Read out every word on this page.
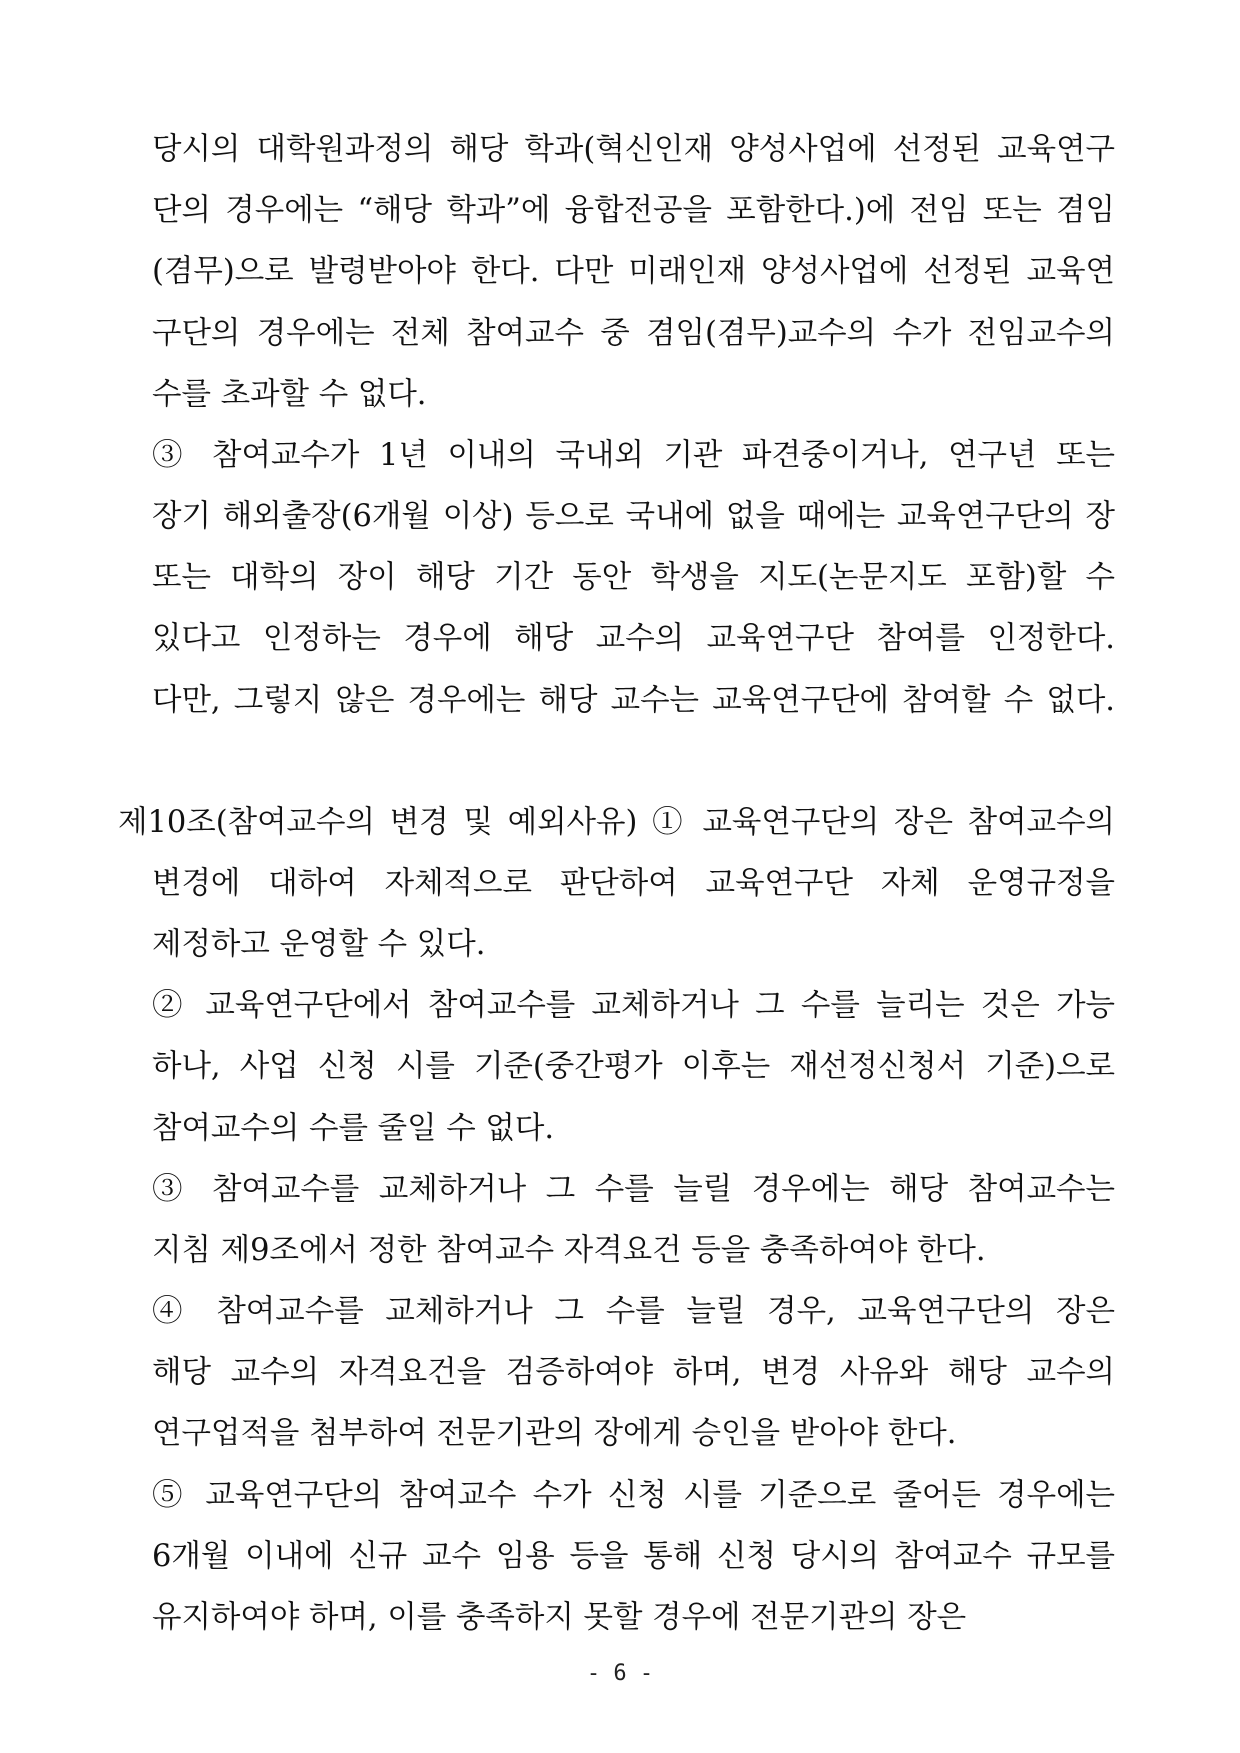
당시의 대학원과정의 해당 학과(혁신인재 양성사업에 선정된 교육연구
단의 경우에는 “해당 학과”에 융합전공을 포함한다.)에 전임 또는 겸임
(겸무)으로 발령받아야 한다. 다만 미래인재 양성사업에 선정된 교육연
구단의 경우에는 전체 참여교수 중 겸임(겸무)교수의 수가 전임교수의
수를 초과할 수 없다.
③ 참여교수가 1년 이내의 국내외 기관 파견중이거나, 연구년 또는
장기 해외출장(6개월 이상) 등으로 국내에 없을 때에는 교육연구단의 장
또는 대학의 장이 해당 기간 동안 학생을 지도(논문지도 포함)할 수
있다고 인정하는 경우에 해당 교수의 교육연구단 참여를 인정한다.
다만, 그렇지 않은 경우에는 해당 교수는 교육연구단에 참여할 수 없다.
제10조(참여교수의 변경 및 예외사유) ① 교육연구단의 장은 참여교수의
변경에 대하여 자체적으로 판단하여 교육연구단 자체 운영규정을
제정하고 운영할 수 있다.
② 교육연구단에서 참여교수를 교체하거나 그 수를 늘리는 것은 가능
하나, 사업 신청 시를 기준(중간평가 이후는 재선정신청서 기준)으로
참여교수의 수를 줄일 수 없다.
③ 참여교수를 교체하거나 그 수를 늘릴 경우에는 해당 참여교수는
지침 제9조에서 정한 참여교수 자격요건 등을 충족하여야 한다.
④ 참여교수를 교체하거나 그 수를 늘릴 경우, 교육연구단의 장은
해당 교수의 자격요건을 검증하여야 하며, 변경 사유와 해당 교수의
연구업적을 첨부하여 전문기관의 장에게 승인을 받아야 한다.
⑤ 교육연구단의 참여교수 수가 신청 시를 기준으로 줄어든 경우에는
6개월 이내에 신규 교수 임용 등을 통해 신청 당시의 참여교수 규모를
유지하여야 하며, 이를 충족하지 못할 경우에 전문기관의 장은
- 6 -
